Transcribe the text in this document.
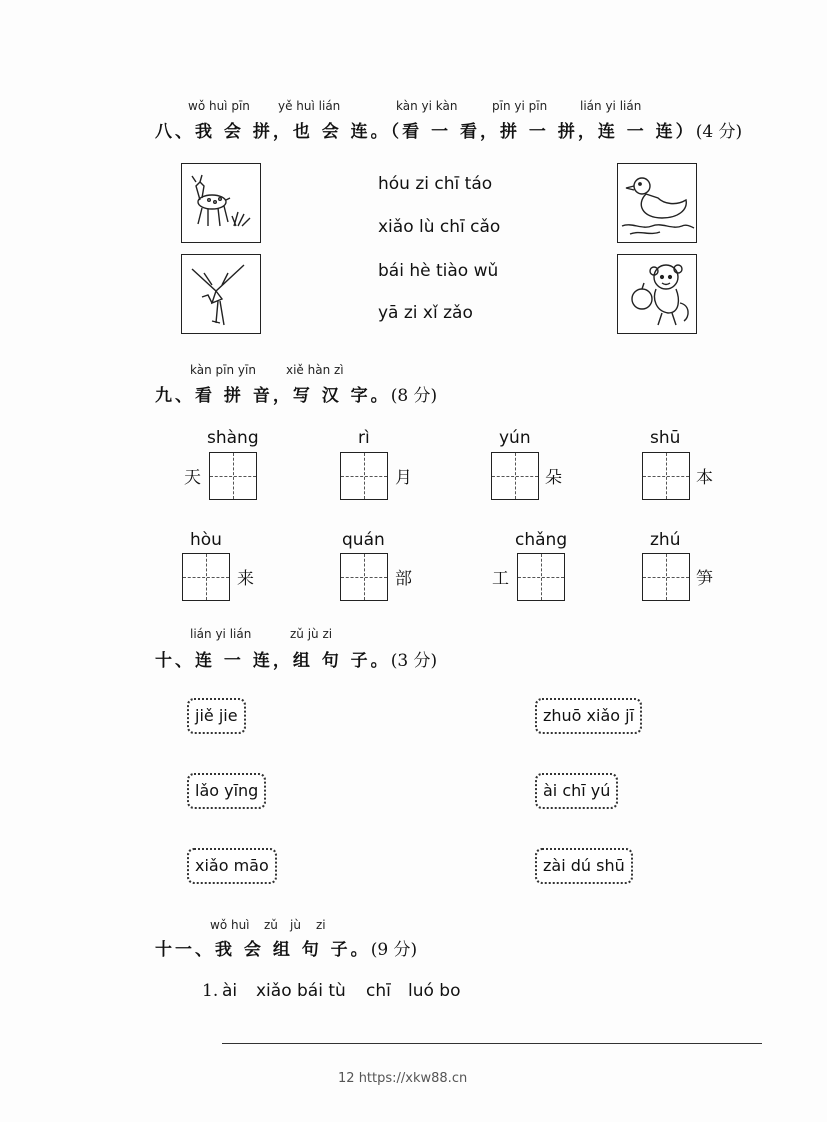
wǒ huì pīn yě huì lián	kàn yi kàn	pīn yi pīn	lián yi lián
八、我 会 拼，也 会 连。（看 一 看，拼 一 拼，连 一 连）(4 分)
hóu zi chī táo
xiǎo lù chī cǎo
bái hè tiào wǔ
yā zi xǐ zǎo
kàn pīn yīn	xiě hàn zì
九、看 拼 音，写 汉 字。(8 分)
shàng
天
rì
月
yún
朵
shū
本
hòu
来
quán
部
chǎng
工
zhú
笋
lián yi lián	zǔ jù zi
十、连 一 连，组 句 子。(3 分)
jiě jie
lǎo yīng
xiǎo māo
zhuō xiǎo jī
ài chī yú
zài dú shū
wǒ huì zǔ jù zi
十一、我 会 组 句 子。(9 分)
1. ài xiǎo bái tù chī luó bo
12 https://xkw88.cn
